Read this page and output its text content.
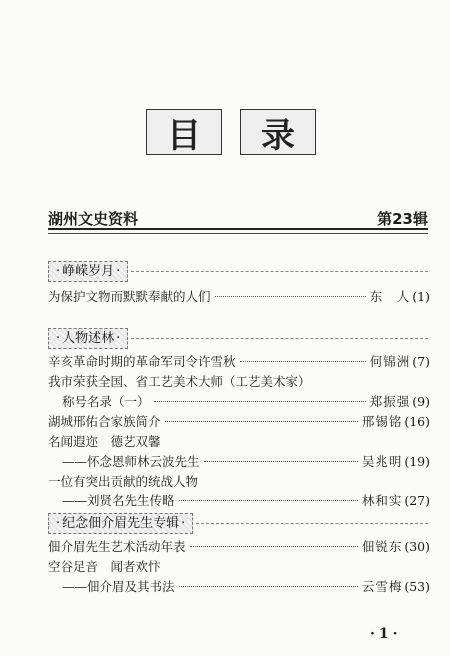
目 录
湖州文史资料	第23辑
· 峥嵘岁月 ·
为保护文物而默默奉献的人们	东　人 (1)
· 人物述林 ·
辛亥革命时期的革命军司令许雪秋	何锦洲 (7)
我市荣获全国、省工艺美术大师（工艺美术家）
称号名录（一）	郑振强 (9)
湖城邢佑合家族简介	邢锡铭 (16)
名闻遐迩　德艺双馨
——怀念恩师林云波先生	吴兆明 (19)
一位有突出贡献的统战人物
——刘贤名先生传略	林和实 (27)
· 纪念佃介眉先生专辑 ·
佃介眉先生艺术活动年表	佃锐东 (30)
空谷足音　闻者欢忭
——佃介眉及其书法	云雪梅 (53)
·1·
